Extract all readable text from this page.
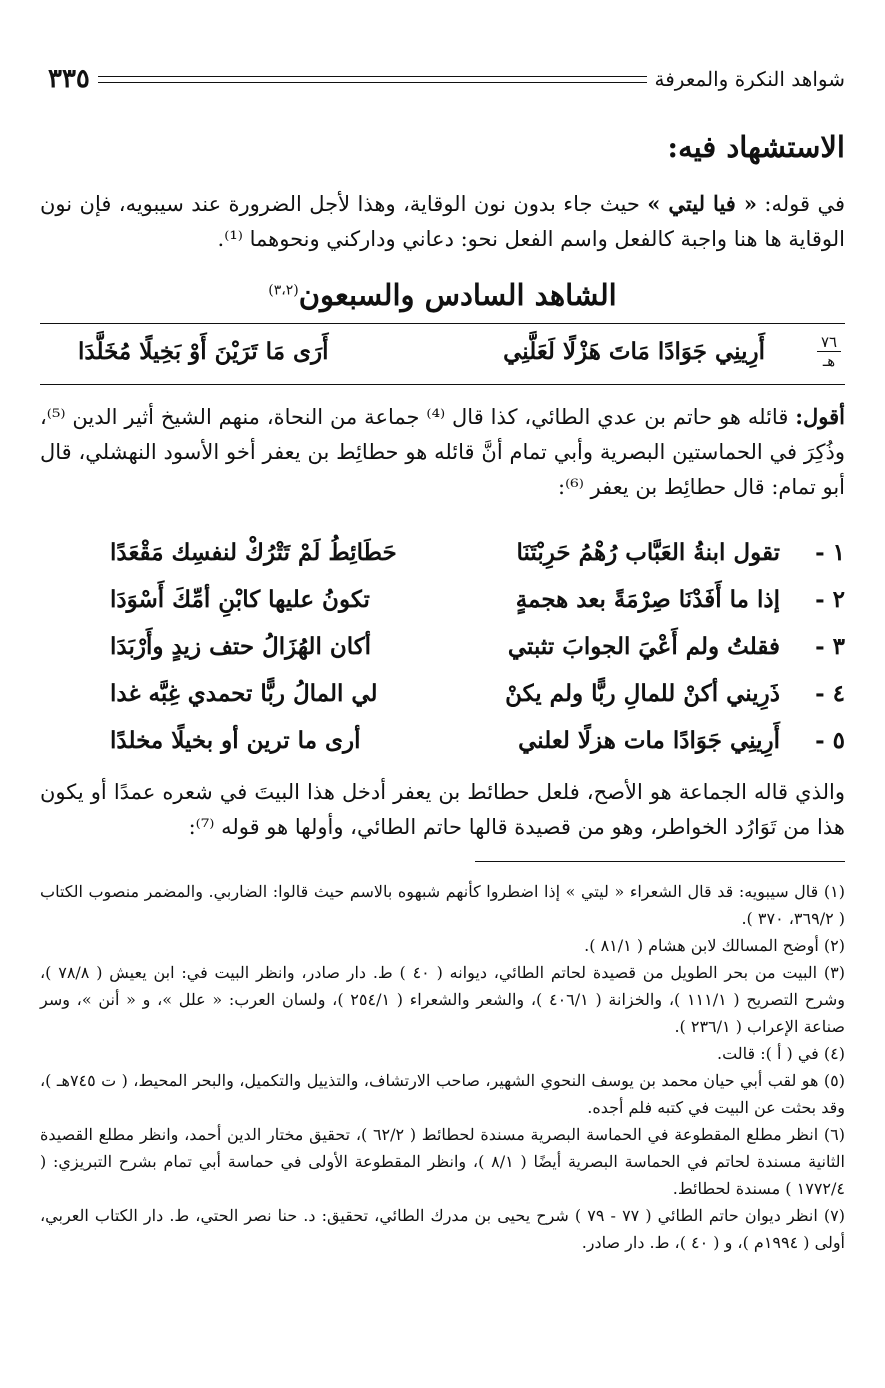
شواهد النكرة والمعرفة
٣٣٥
الاستشهاد فيه:
في قوله: « فيا ليتي » حيث جاء بدون نون الوقاية، وهذا لأجل الضرورة عند سيبويه، فإن نون الوقاية ها هنا واجبة كالفعل واسم الفعل نحو: دعاني وداركني ونحوهما ⁽¹⁾.
الشاهد السادس والسبعون$^{(٣،٢)}$
٧٦
هـ
أَرِينِي جَوَادًا مَاتَ هَزْلًا لَعَلَّنِي
أَرَى مَا تَرَيْنَ أَوْ بَخِيلًا مُخَلَّدَا
أقول: قائله هو حاتم بن عدي الطائي، كذا قال ⁽⁴⁾ جماعة من النحاة، منهم الشيخ أثير الدين ⁽⁵⁾، وذُكِرَ في الحماستين البصرية وأبي تمام أنَّ قائله هو حطائِط بن يعفر أخو الأسود النهشلي، قال أبو تمام: قال حطائِط بن يعفر ⁽⁶⁾:
١ -
تقول ابنةُ العَبَّاب رُهْمُ حَرِبْتَنَا
حَطَائِطُ لَمْ تَتْرُكْ لنفسِك مَقْعَدًا
٢ -
إذا ما أَفَدْنَا صِرْمَةً بعد هجمةٍ
تكونُ عليها كابْنِ أمِّكَ أَسْوَدَا
٣ -
فقلتُ ولم أَعْيَ الجوابَ تثبتي
أكان الهُزَالُ حتف زيدٍ وأَرْبَدَا
٤ -
ذَرِيني أكنْ للمالِ ربًّا ولم يكنْ
لي المالُ ربًّا تحمدي غِبَّه غدا
٥ -
أَرِينِي جَوَادًا مات هزلًا لعلني
أرى ما ترين أو بخيلًا مخلدًا
والذي قاله الجماعة هو الأصح، فلعل حطائط بن يعفر أدخل هذا البيتَ في شعره عمدًا أو يكون هذا من تَوَارُد الخواطر، وهو من قصيدة قالها حاتم الطائي، وأولها هو قوله ⁽⁷⁾:

(١) قال سيبويه: قد قال الشعراء « ليتي » إذا اضطروا كأنهم شبهوه بالاسم حيث قالوا: الضاربي. والمضمر منصوب الكتاب ( ٣٦٩/٢، ٣٧٠ ).

(٢) أوضح المسالك لابن هشام ( ٨١/١ ).

(٣) البيت من بحر الطويل من قصيدة لحاتم الطائي، ديوانه ( ٤٠ ) ط. دار صادر، وانظر البيت في: ابن يعيش ( ٧٨/٨ )، وشرح التصريح ( ١١١/١ )، والخزانة ( ٤٠٦/١ )، والشعر والشعراء ( ٢٥٤/١ )، ولسان العرب: « علل »، و « أنن »، وسر صناعة الإعراب ( ٢٣٦/١ ).

(٤) في ( أ ): قالت.

(٥) هو لقب أبي حيان محمد بن يوسف النحوي الشهير، صاحب الارتشاف، والتذييل والتكميل، والبحر المحيط، ( ت ٧٤٥هـ )، وقد بحثت عن البيت في كتبه فلم أجده.

(٦) انظر مطلع المقطوعة في الحماسة البصرية مسندة لحطائط ( ٦٢/٢ )، تحقيق مختار الدين أحمد، وانظر مطلع القصيدة الثانية مسندة لحاتم في الحماسة البصرية أيضًا ( ٨/١ )، وانظر المقطوعة الأولى في حماسة أبي تمام بشرح التبريزي: ( ١٧٧٢/٤ ) مسندة لحطائط.

(٧) انظر ديوان حاتم الطائي ( ٧٧ - ٧٩ ) شرح يحيى بن مدرك الطائي، تحقيق: د. حنا نصر الحتي، ط. دار الكتاب العربي، أولى ( ١٩٩٤م )، و ( ٤٠ )، ط. دار صادر.
